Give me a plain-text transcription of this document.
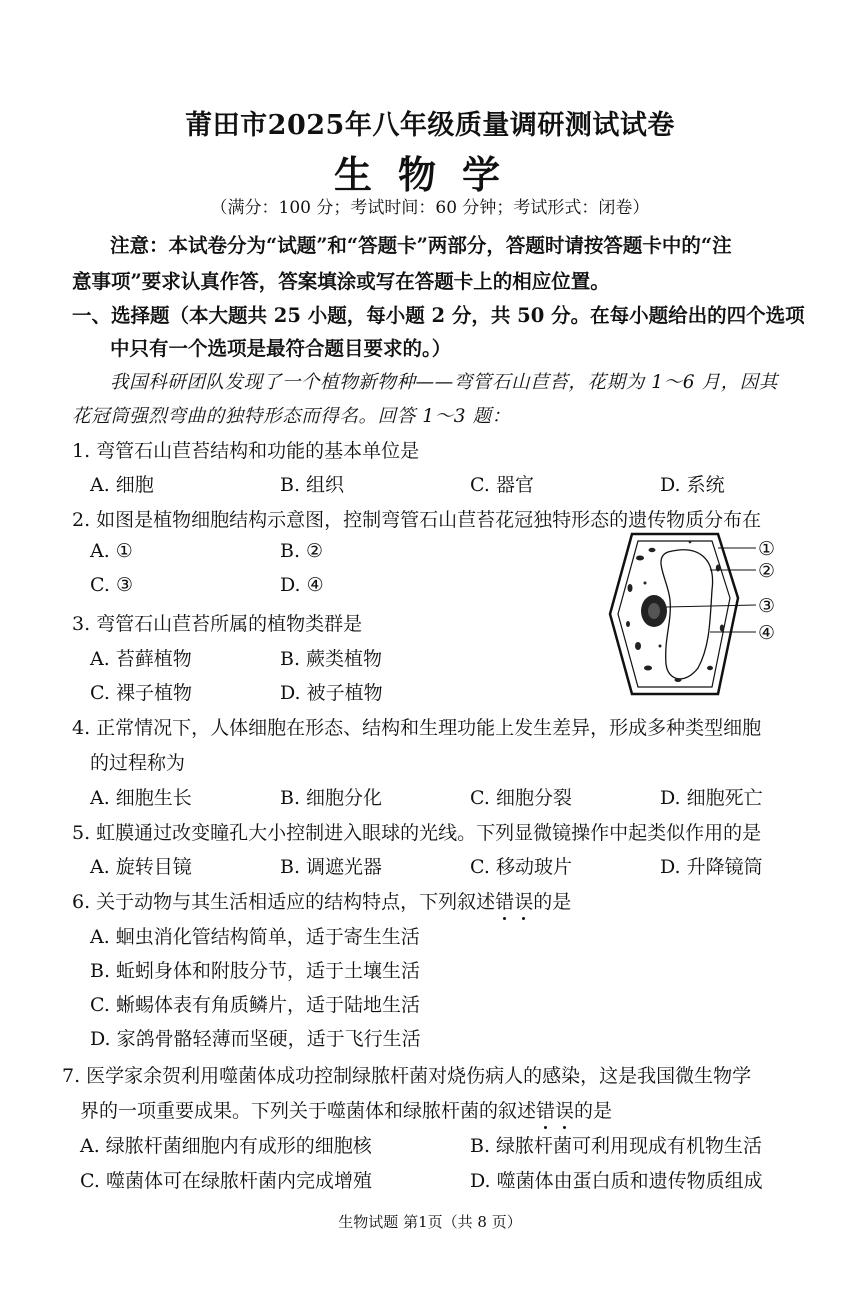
莆田市2025年八年级质量调研测试试卷
生物学
（满分：100 分；考试时间：60 分钟；考试形式：闭卷）
注意：本试卷分为“试题”和“答题卡”两部分，答题时请按答题卡中的“注
意事项”要求认真作答，答案填涂或写在答题卡上的相应位置。
一、选择题（本大题共 25 小题，每小题 2 分，共 50 分。在每小题给出的四个选项
中只有一个选项是最符合题目要求的。）
我国科研团队发现了一个植物新物种——弯管石山苣苔，花期为 1～6 月，因其
花冠筒强烈弯曲的独特形态而得名。回答 1～3 题：
1. 弯管石山苣苔结构和功能的基本单位是
A. 细胞	B. 组织	C. 器官	D. 系统
2. 如图是植物细胞结构示意图，控制弯管石山苣苔花冠独特形态的遗传物质分布在
A. ①	B. ②
C. ③	D. ④
3. 弯管石山苣苔所属的植物类群是
A. 苔藓植物	B. 蕨类植物
C. 裸子植物	D. 被子植物
①
②
③
④
4. 正常情况下，人体细胞在形态、结构和生理功能上发生差异，形成多种类型细胞
的过程称为
A. 细胞生长	B. 细胞分化	C. 细胞分裂	D. 细胞死亡
5. 虹膜通过改变瞳孔大小控制进入眼球的光线。下列显微镜操作中起类似作用的是
A. 旋转目镜	B. 调遮光器	C. 移动玻片	D. 升降镜筒
6. 关于动物与其生活相适应的结构特点，下列叙述错误的是
A. 蛔虫消化管结构简单，适于寄生生活
B. 蚯蚓身体和附肢分节，适于土壤生活
C. 蜥蜴体表有角质鳞片，适于陆地生活
D. 家鸽骨骼轻薄而坚硬，适于飞行生活
7. 医学家余贺利用噬菌体成功控制绿脓杆菌对烧伤病人的感染，这是我国微生物学
界的一项重要成果。下列关于噬菌体和绿脓杆菌的叙述错误的是
A. 绿脓杆菌细胞内有成形的细胞核	B. 绿脓杆菌可利用现成有机物生活
C. 噬菌体可在绿脓杆菌内完成增殖	D. 噬菌体由蛋白质和遗传物质组成
生物试题 第1页（共 8 页）
